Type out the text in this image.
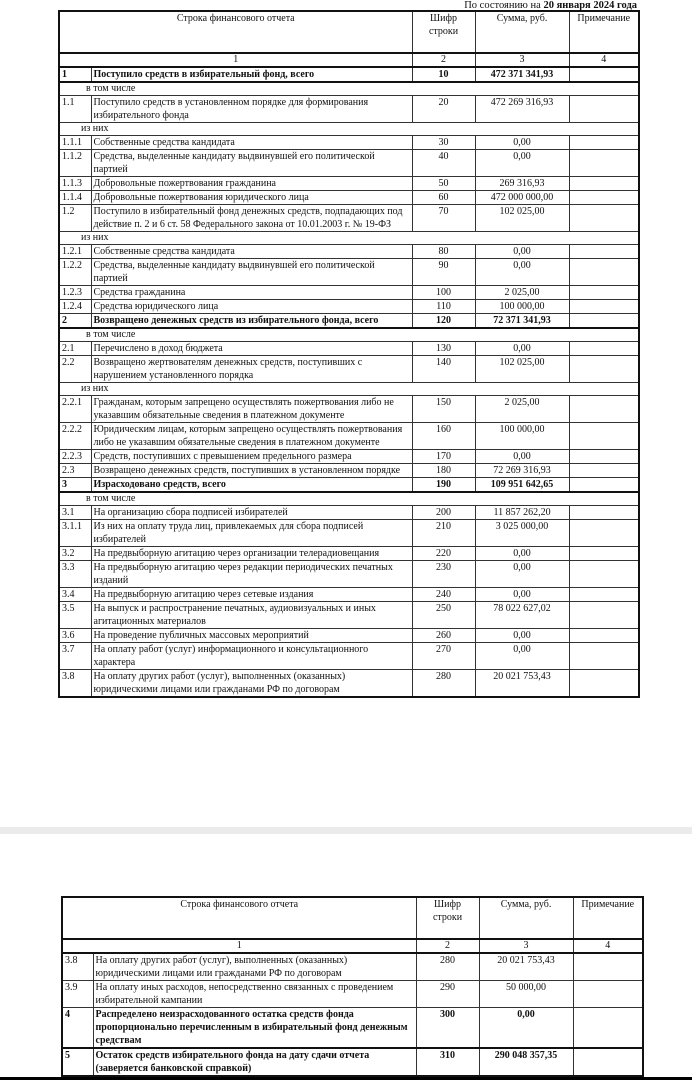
По состоянию на 20 января 2024 года
Строка финансового отчета		Шифр строки	Сумма, руб.	Примечание
1		2	3	4
1	Поступило средств в избирательный фонд, всего	10	472 371 341,93	
в том числе				
1.1	Поступило средств в установленном порядке для формирования избирательного фонда	20	472 269 316,93	
из них				
1.1.1	Собственные средства кандидата	30	0,00	
1.1.2	Средства, выделенные кандидату выдвинувшей его политической партией	40	0,00	
1.1.3	Добровольные пожертвования гражданина	50	269 316,93	
1.1.4	Добровольные пожертвования юридического лица	60	472 000 000,00	
1.2	Поступило в избирательный фонд денежных средств, подпадающих под действие п. 2 и 6 ст. 58 Федерального закона от 10.01.2003 г. № 19-ФЗ	70	102 025,00	
из них				
1.2.1	Собственные средства кандидата	80	0,00	
1.2.2	Средства, выделенные кандидату выдвинувшей его политической партией	90	0,00	
1.2.3	Средства гражданина	100	2 025,00	
1.2.4	Средства юридического лица	110	100 000,00	
2	Возвращено денежных средств из избирательного фонда, всего	120	72 371 341,93	
в том числе				
2.1	Перечислено в доход бюджета	130	0,00	
2.2	Возвращено жертвователям денежных средств, поступивших с нарушением установленного порядка	140	102 025,00	
из них				
2.2.1	Гражданам, которым запрещено осуществлять пожертвования либо не указавшим обязательные сведения в платежном документе	150	2 025,00	
2.2.2	Юридическим лицам, которым запрещено осуществлять пожертвования либо не указавшим обязательные сведения в платежном документе	160	100 000,00	
2.2.3	Средств, поступивших с превышением предельного размера	170	0,00	
2.3	Возвращено денежных средств, поступивших в установленном порядке	180	72 269 316,93	
3	Израсходовано средств, всего	190	109 951 642,65	
в том числе				
3.1	На организацию сбора подписей избирателей	200	11 857 262,20	
3.1.1	Из них на оплату труда лиц, привлекаемых для сбора подписей избирателей	210	3 025 000,00	
3.2	На предвыборную агитацию через организации телерадиовещания	220	0,00	
3.3	На предвыборную агитацию через редакции периодических печатных изданий	230	0,00	
3.4	На предвыборную агитацию через сетевые издания	240	0,00	
3.5	На выпуск и распространение печатных, аудиовизуальных и иных агитационных материалов	250	78 022 627,02	
3.6	На проведение публичных массовых мероприятий	260	0,00	
3.7	На оплату работ (услуг) информационного и консультационного характера	270	0,00	
3.8	На оплату других работ (услуг), выполненных (оказанных) юридическими лицами или гражданами РФ по договорам	280	20 021 753,43	
Строка финансового отчета		Шифр строки	Сумма, руб.	Примечание
1		2	3	4
3.8	На оплату других работ (услуг), выполненных (оказанных) юридическими лицами или гражданами РФ по договорам	280	20 021 753,43	
3.9	На оплату иных расходов, непосредственно связанных с проведением избирательной кампании	290	50 000,00	
4	Распределено неизрасходованного остатка средств фонда пропорционально перечисленным в избирательный фонд денежным средствам	300	0,00	
5	Остаток средств избирательного фонда на дату сдачи отчета (заверяется банковской справкой)	310	290 048 357,35	
